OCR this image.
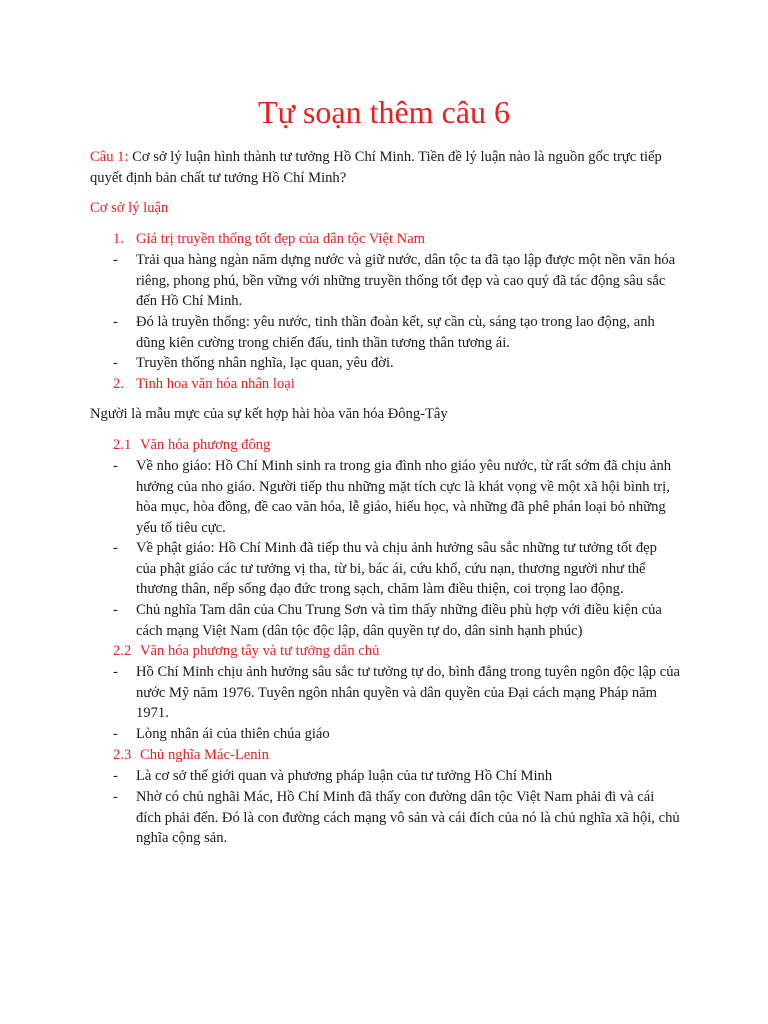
Tự soạn thêm câu 6
Câu 1: Cơ sở lý luận hình thành tư tưởng Hồ Chí Minh. Tiền đề lý luận nào là nguồn gốc trực tiếp quyết định bản chất tư tưởng Hồ Chí Minh?
Cơ sở lý luận
1. Giá trị truyền thống tốt đẹp của dân tộc Việt Nam
- Trải qua hàng ngàn năm dựng nước và giữ nước, dân tộc ta đã tạo lập được một nền văn hóa riêng, phong phú, bền vững với những truyền thống tốt đẹp và cao quý đã tác động sâu sắc đến Hồ Chí Minh.
- Đó là truyền thống: yêu nước, tinh thần đoàn kết, sự cần cù, sáng tạo trong lao động, anh dũng kiên cường trong chiến đấu, tinh thần tương thân tương ái.
- Truyền thống nhân nghĩa, lạc quan, yêu đời.
2. Tinh hoa văn hóa nhân loại
Người là mẫu mực của sự kết hợp hài hòa văn hóa Đông-Tây
2.1 Văn hóa phương đông
- Về nho giáo: Hồ Chí Minh sinh ra trong gia đình nho giáo yêu nước, từ rất sớm đã chịu ảnh hưởng của nho giáo. Người tiếp thu những mặt tích cực là khát vọng về một xã hội bình trị, hòa mục, hòa đồng, đề cao văn hóa, lễ giáo, hiếu học, và những đã phê phán loại bỏ những yếu tố tiêu cực.
- Về phật giáo: Hồ Chí Minh đã tiếp thu và chịu ảnh hưởng sâu sắc những tư tưởng tốt đẹp của phật giáo các tư tưởng vị tha, từ bi, bác ái, cứu khổ, cứu nạn, thương người như thể thương thân, nếp sống đạo đức trong sạch, chăm làm điều thiện, coi trọng lao động.
- Chủ nghĩa Tam dân của Chu Trung Sơn và tìm thấy những điều phù hợp với điều kiện của cách mạng Việt Nam (dân tộc độc lập, dân quyền tự do, dân sinh hạnh phúc)
2.2 Văn hóa phương tây và tư tưởng dân chủ
- Hồ Chí Minh chịu ảnh hưởng sâu sắc tư tưởng tự do, bình đẳng trong tuyên ngôn độc lập của nước Mỹ năm 1976. Tuyên ngôn nhân quyền và dân quyền của Đại cách mạng Pháp năm 1971.
- Lòng nhân ái của thiên chúa giáo
2.3 Chủ nghĩa Mác-Lenin
- Là cơ sở thế giới quan và phương pháp luận của tư tưởng Hồ Chí Minh
- Nhờ có chủ nghãi Mác, Hồ Chí Minh đã thấy con đường dân tộc Việt Nam phải đi và cái đích phải đến. Đó là con đường cách mạng vô sản và cái đích của nó là chủ nghĩa xã hội, chủ nghĩa cộng sản.
